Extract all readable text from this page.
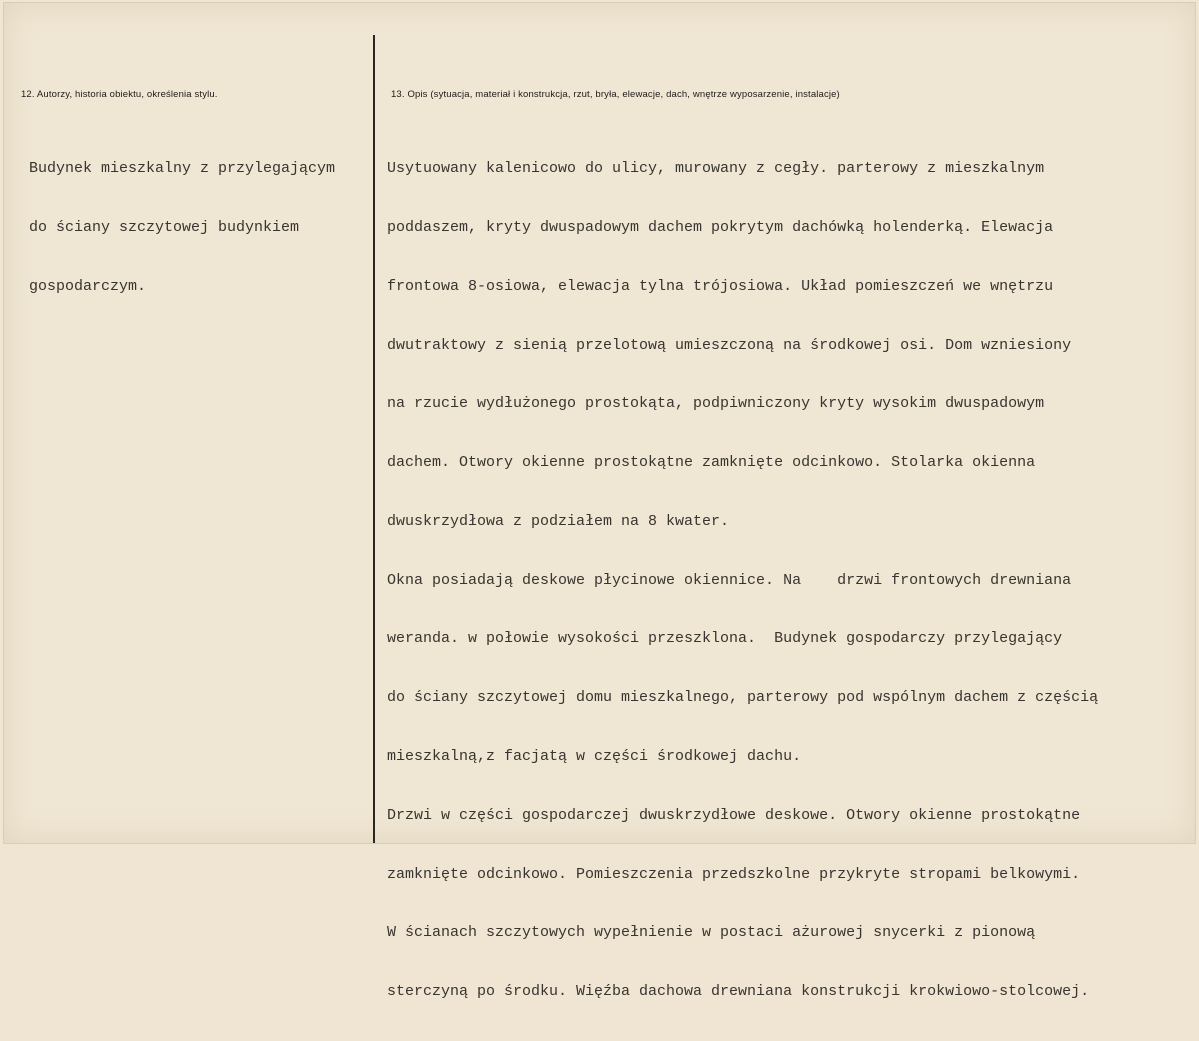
12. Autorzy, historia obiektu, określenia stylu.	13. Opis (sytuacja, materiał i konstrukcja, rzut, bryła, elewacje, dach, wnętrze wyposarzenie, instalacje)

Budynek mieszkalny z przylegającym

do ściany szczytowej budynkiem

gospodarczym.

Usytuowany kalenicowo do ulicy, murowany z cegły. parterowy z mieszkalnym

poddaszem, kryty dwuspadowym dachem pokrytym dachówką holenderką. Elewacja

frontowa 8-osiowa, elewacja tylna trójosiowa. Układ pomieszczeń we wnętrzu

dwutraktowy z sienią przelotową umieszczoną na środkowej osi. Dom wzniesiony

na rzucie wydłużonego prostokąta, podpiwniczony kryty wysokim dwuspadowym

dachem. Otwory okienne prostokątne zamknięte odcinkowo. Stolarka okienna

dwuskrzydłowa z podziałem na 8 kwater.

Okna posiadają deskowe płycinowe okiennice. Na    drzwi frontowych drewniana

weranda. w połowie wysokości przeszklona.  Budynek gospodarczy przylegający

do ściany szczytowej domu mieszkalnego, parterowy pod wspólnym dachem z częścią

mieszkalną,z facjatą w części środkowej dachu.

Drzwi w części gospodarczej dwuskrzydłowe deskowe. Otwory okienne prostokątne

zamknięte odcinkowo. Pomieszczenia przedszkolne przykryte stropami belkowymi.

W ścianach szczytowych wypełnienie w postaci ażurowej snycerki z pionową

sterczyną po środku. Więźba dachowa drewniana konstrukcji krokwiowo-stolcowej.
